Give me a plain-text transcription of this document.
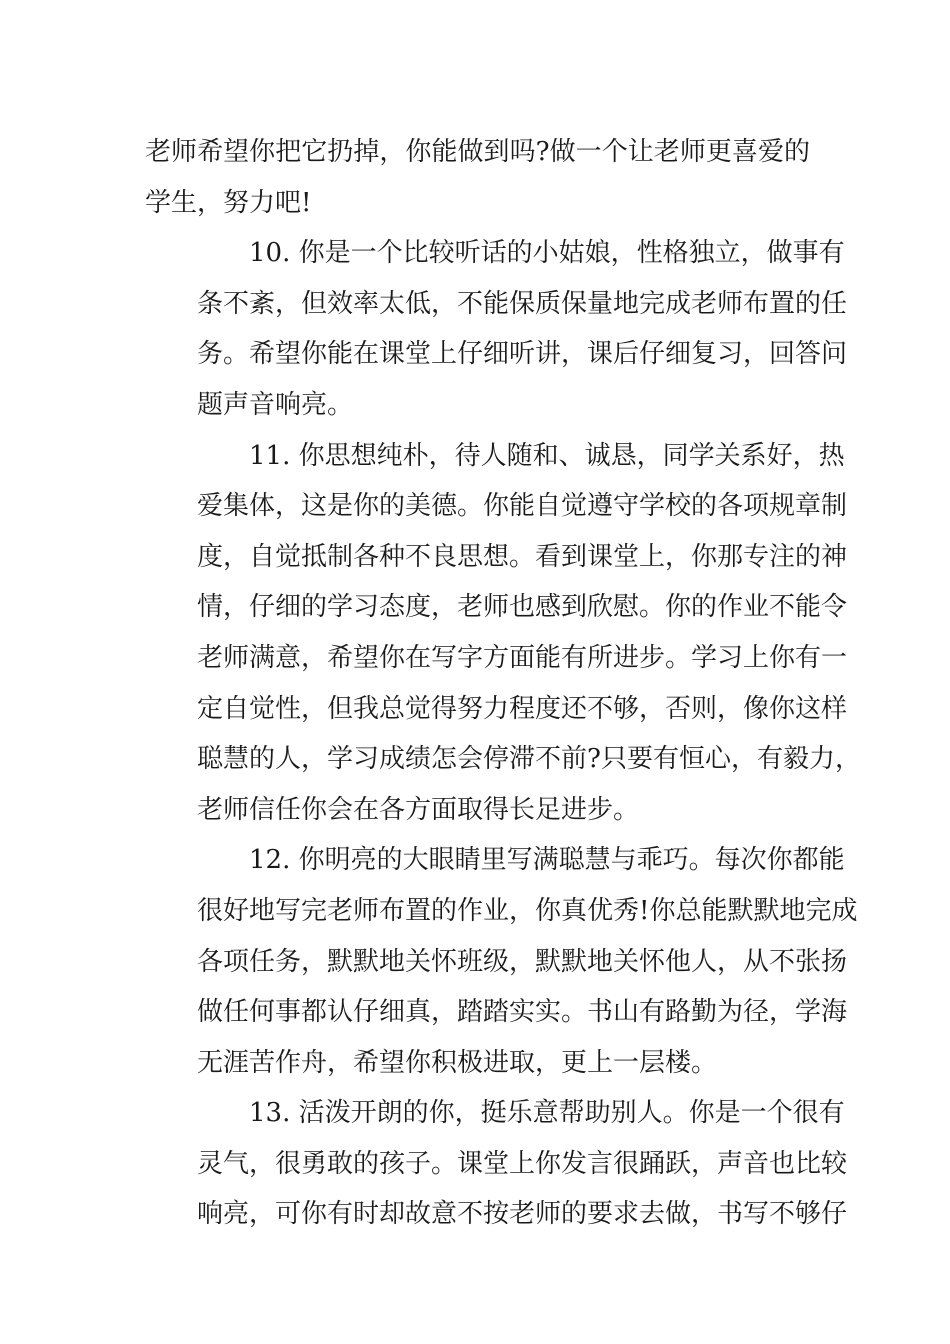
老师希望你把它扔掉，你能做到吗?做一个让老师更喜爱的
学生，努力吧!
10. 你是一个比较听话的小姑娘，性格独立，做事有
条不紊，但效率太低，不能保质保量地完成老师布置的任
务。希望你能在课堂上仔细听讲，课后仔细复习，回答问
题声音响亮。
11. 你思想纯朴，待人随和、诚恳，同学关系好，热
爱集体，这是你的美德。你能自觉遵守学校的各项规章制
度，自觉抵制各种不良思想。看到课堂上，你那专注的神
情，仔细的学习态度，老师也感到欣慰。你的作业不能令
老师满意，希望你在写字方面能有所进步。学习上你有一
定自觉性，但我总觉得努力程度还不够，否则，像你这样
聪慧的人，学习成绩怎会停滞不前?只要有恒心，有毅力，
老师信任你会在各方面取得长足进步。
12. 你明亮的大眼睛里写满聪慧与乖巧。每次你都能
很好地写完老师布置的作业，你真优秀!你总能默默地完成
各项任务，默默地关怀班级，默默地关怀他人，从不张扬
做任何事都认仔细真，踏踏实实。书山有路勤为径，学海
无涯苦作舟，希望你积极进取，更上一层楼。
13. 活泼开朗的你，挺乐意帮助别人。你是一个很有
灵气，很勇敢的孩子。课堂上你发言很踊跃，声音也比较
响亮，可你有时却故意不按老师的要求去做，书写不够仔
